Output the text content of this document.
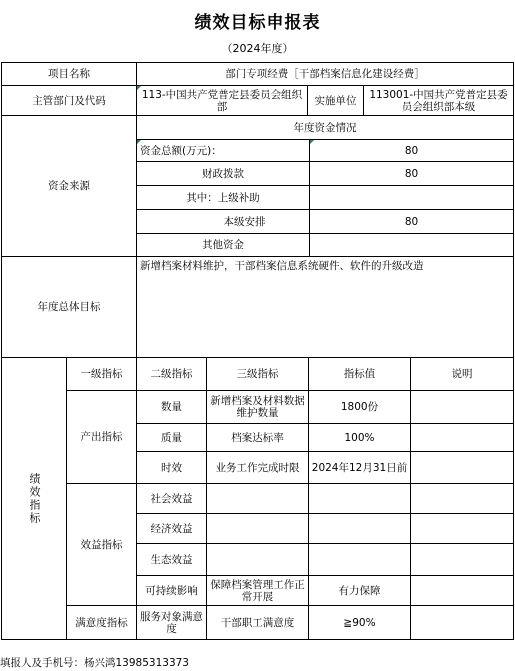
绩效目标申报表
（2024年度）
项目名称	部门专项经费［干部档案信息化建设经费］
主管部门及代码	113-中国共产党普定县委员会组织部	实施单位	113001-中国共产党普定县委员会组织部本级
资金来源
年度资金情况
资金总额(万元)：	80
财政拨款	80
其中：上级补助
本级安排	80
其他资金
年度总体目标
新增档案材料维护，干部档案信息系统硬件、软件的升级改造
绩效指标
一级指标	二级指标	三级指标	指标值	说明
产出指标
数量	新增档案及材料数据维护数量	1800份
质量	档案达标率	100%
时效	业务工作完成时限	2024年12月31日前
效益指标
社会效益
经济效益
生态效益
可持续影响	保障档案管理工作正常开展	有力保障
满意度指标	服务对象满意度	干部职工满意度	≧90%
填报人及手机号：杨兴鸿13985313373
